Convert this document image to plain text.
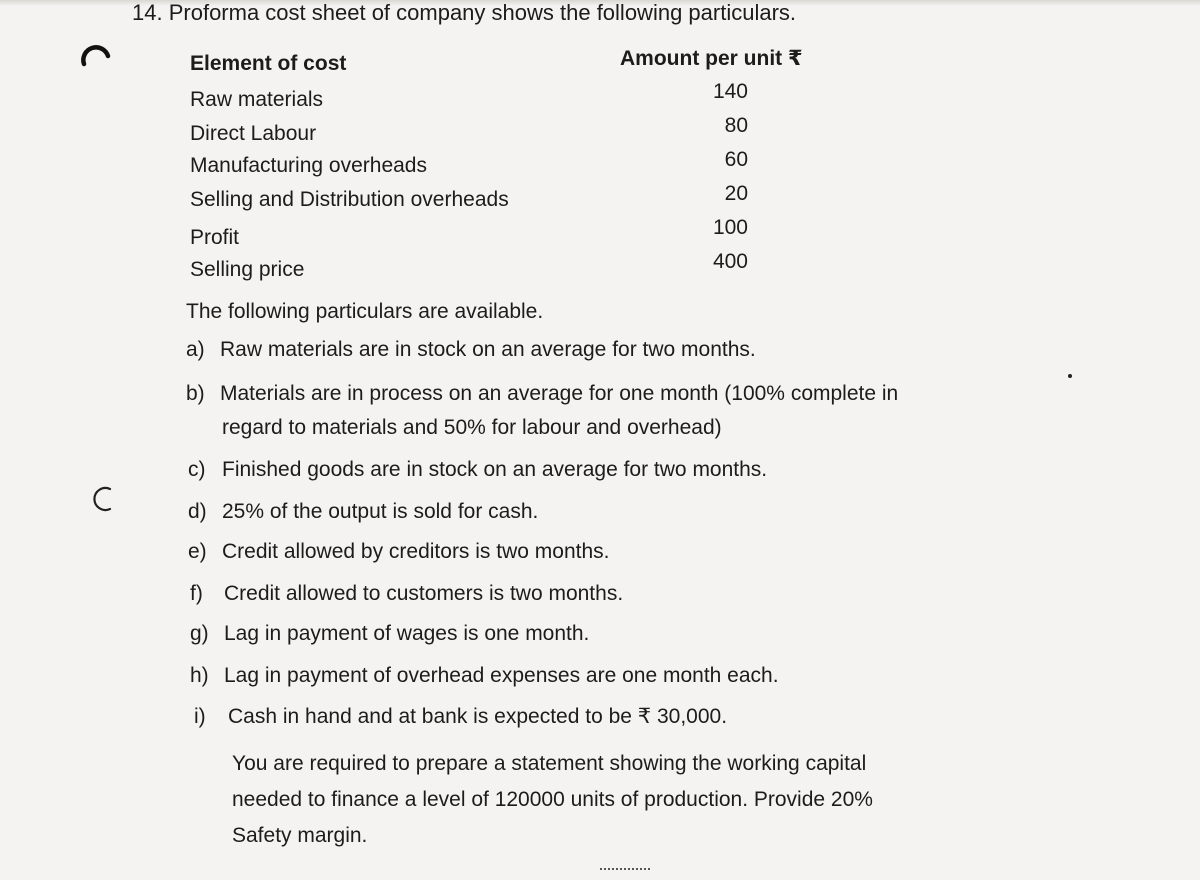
14. Proforma cost sheet of company shows the following particulars.
Element of cost	Amount per unit ₹
Raw materials	140
Direct Labour	80
Manufacturing overheads	60
Selling and Distribution overheads	20
Profit	100
Selling price	400
The following particulars are available.
a) Raw materials are in stock on an average for two months.
b) Materials are in process on an average for one month (100% complete in
regard to materials and 50% for labour and overhead)
c) Finished goods are in stock on an average for two months.
d) 25% of the output is sold for cash.
e) Credit allowed by creditors is two months.
f) Credit allowed to customers is two months.
g) Lag in payment of wages is one month.
h) Lag in payment of overhead expenses are one month each.
i) Cash in hand and at bank is expected to be ₹ 30,000.
You are required to prepare a statement showing the working capital
needed to finance a level of 120000 units of production. Provide 20%
Safety margin.
